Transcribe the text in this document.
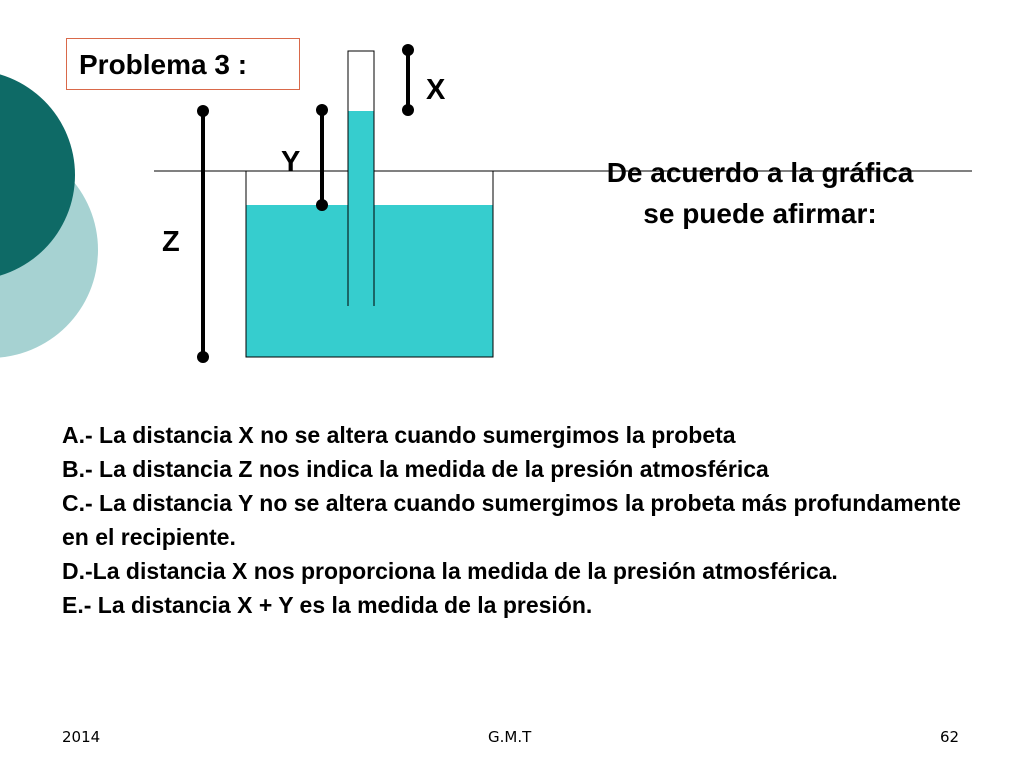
Problema 3 :
X
Y
Z
De acuerdo a la gráfica se puede afirmar:

A.- La distancia X no se altera cuando sumergimos la probeta

B.- La distancia Z nos indica la medida de la presión atmosférica

C.- La distancia Y no se altera cuando sumergimos la probeta más profundamente en el recipiente.

D.-La distancia X nos proporciona la medida de la presión atmosférica.

E.- La distancia X + Y es la medida de la presión.

2014	G.M.T	62
